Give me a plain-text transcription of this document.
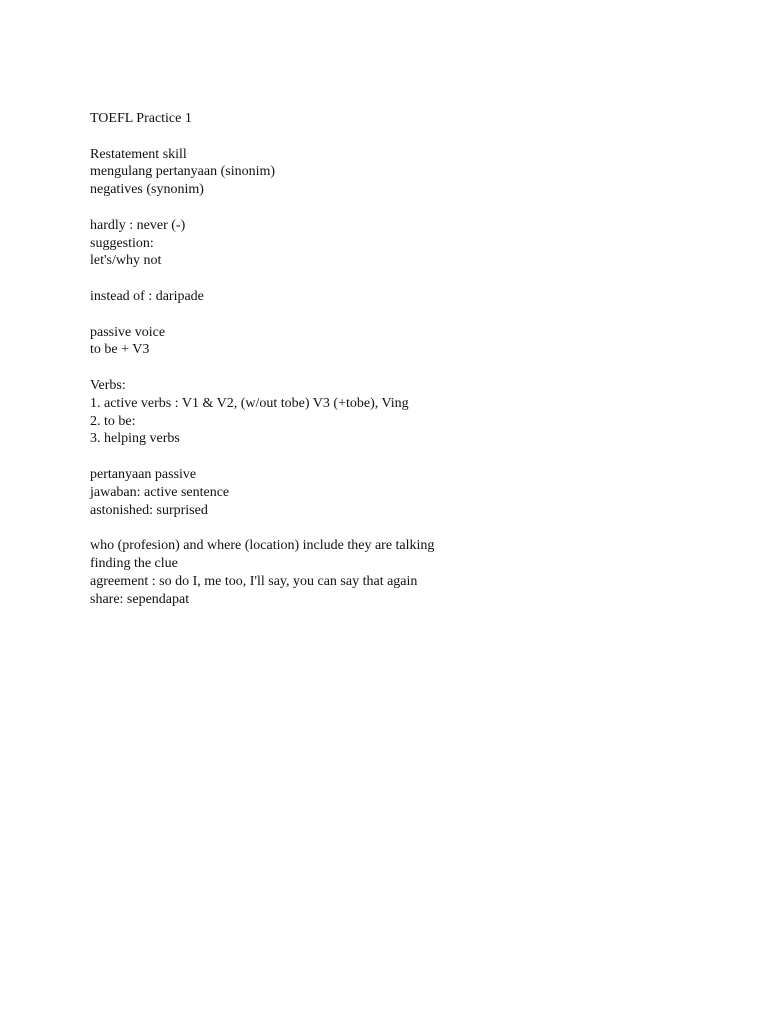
TOEFL Practice 1
Restatement skill
mengulang pertanyaan (sinonim)
negatives (synonim)
hardly : never (-)
suggestion:
let's/why not
instead of : daripade
passive voice
to be + V3
Verbs:
1. active verbs : V1 & V2, (w/out tobe) V3 (+tobe), Ving
2. to be:
3. helping verbs
pertanyaan passive
jawaban: active sentence
astonished: surprised
who (profesion) and where (location) include they are talking
finding the clue
agreement : so do I, me too, I'll say, you can say that again
share: sependapat
